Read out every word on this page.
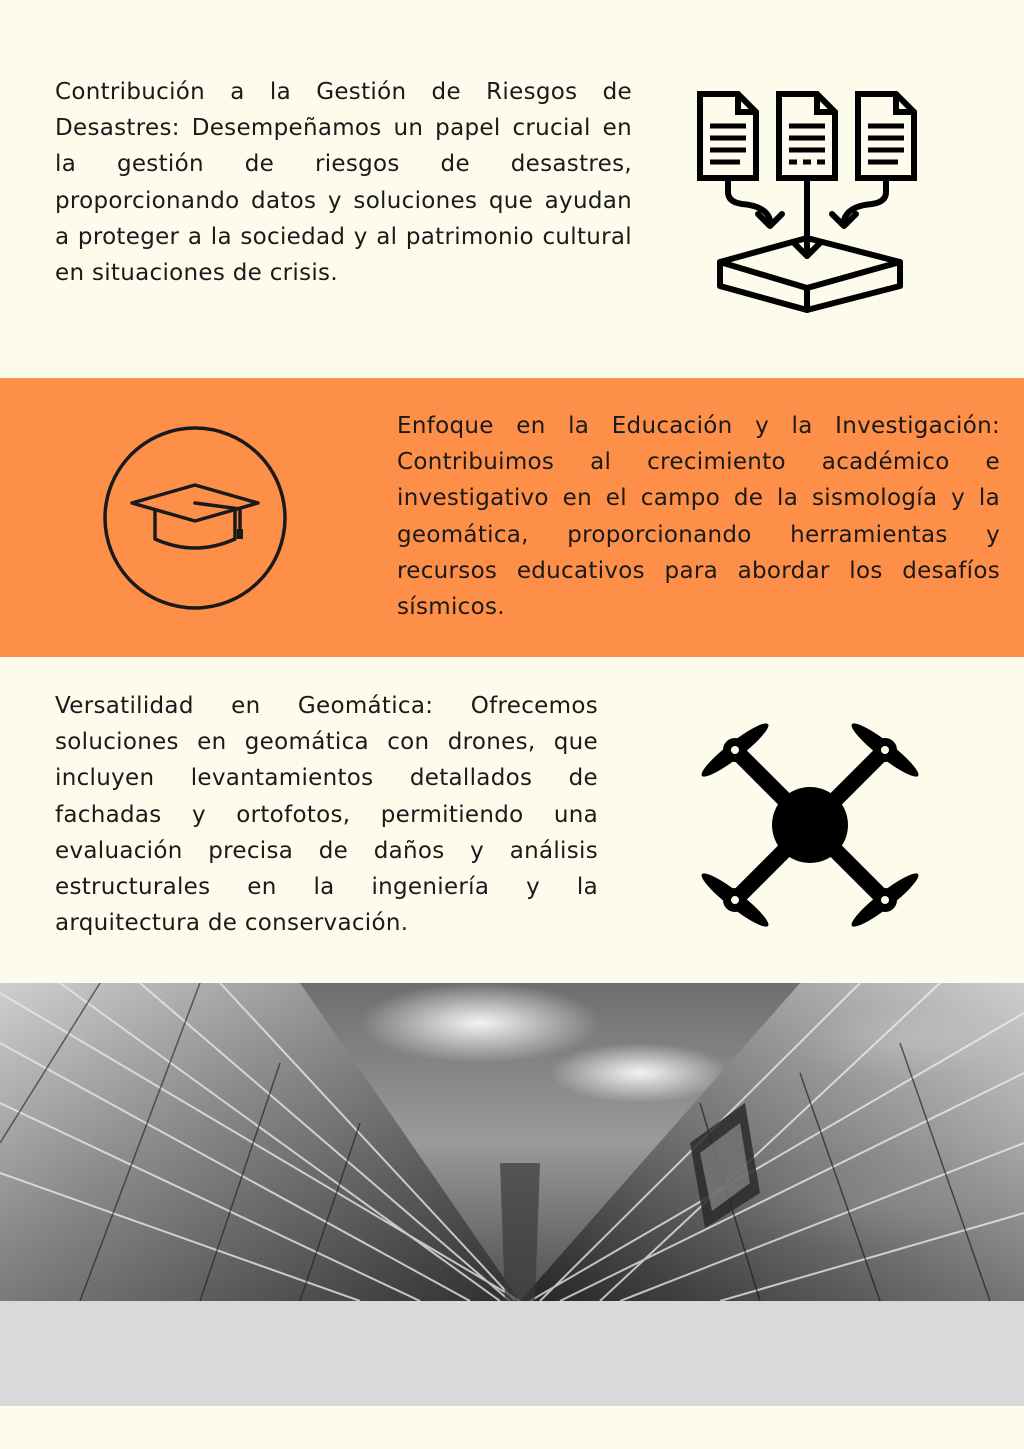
Contribución a la Gestión de Riesgos de Desastres: Desempeñamos un papel crucial en la gestión de riesgos de desastres, proporcionando datos y soluciones que ayudan a proteger a la sociedad y al patrimonio cultural en situaciones de crisis.

Enfoque en la Educación y la Investigación: Contribuimos al crecimiento académico e investigativo en el campo de la sismología y la geomática, proporcionando herramientas y recursos educativos para abordar los desafíos sísmicos.

Versatilidad en Geomática: Ofrecemos soluciones en geomática con drones, que incluyen levantamientos detallados de fachadas y ortofotos, permitiendo una evaluación precisa de daños y análisis estructurales en la ingeniería y la arquitectura de conservación.
